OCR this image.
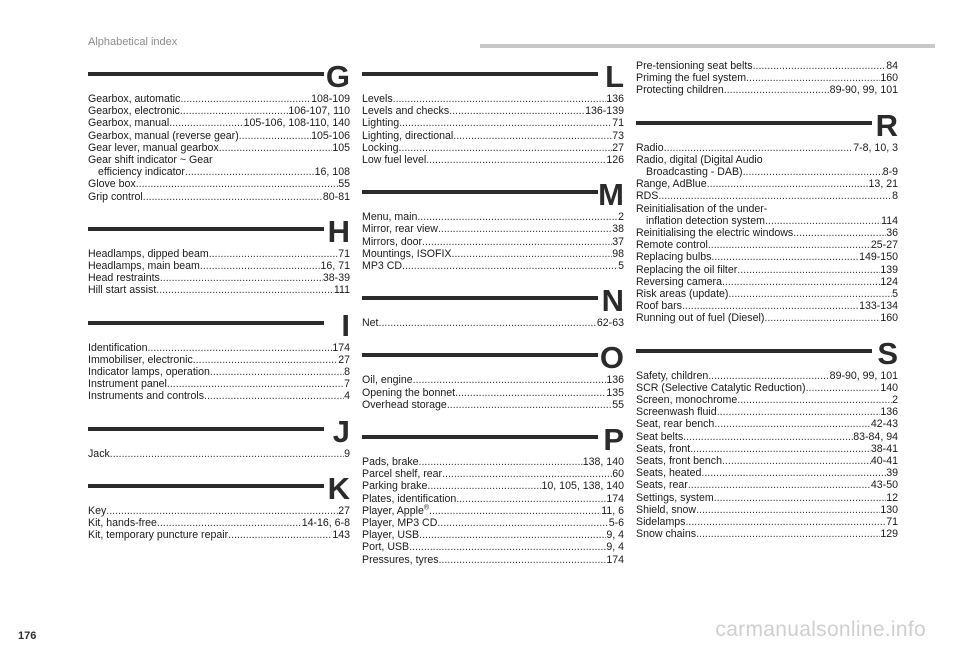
Alphabetical index
G
Gearbox, automatic .....	108-109
Gearbox, electronic .....	106-107, 110
Gearbox, manual .....	105-106, 108-110, 140
Gearbox, manual (reverse gear) .....	105-106
Gear lever, manual gearbox .....	105
Gear shift indicator ~ Gear
efficiency indicator .....	16, 108
Glove box .....	55
Grip control .....	80-81
H
Headlamps, dipped beam .....	71
Headlamps, main beam .....	16, 71
Head restraints .....	38-39
Hill start assist .....	111
I
Identification .....	174
Immobiliser, electronic .....	27
Indicator lamps, operation .....	8
Instrument panel .....	7
Instruments and controls .....	4
J
Jack .....	9
K
Key .....	27
Kit, hands-free .....	14-16, 6-8
Kit, temporary puncture repair .....	143
L
Levels .....	136
Levels and checks .....	136-139
Lighting .....	71
Lighting, directional .....	73
Locking .....	27
Low fuel level .....	126
M
Menu, main .....	2
Mirror, rear view .....	38
Mirrors, door .....	37
Mountings, ISOFIX .....	98
MP3 CD .....	5
N
Net .....	62-63
O
Oil, engine .....	136
Opening the bonnet .....	135
Overhead storage .....	55
P
Pads, brake .....	138, 140
Parcel shelf, rear .....	60
Parking brake .....	10, 105, 138, 140
Plates, identification .....	174
Player, Apple® .....	11, 6
Player, MP3 CD .....	5-6
Player, USB .....	9, 4
Port, USB .....	9, 4
Pressures, tyres .....	174
Pre-tensioning seat belts .....	84
Priming the fuel system .....	160
Protecting children .....	89-90, 99, 101
R
Radio .....	7-8, 10, 3
Radio, digital (Digital Audio
Broadcasting - DAB) .....	8-9
Range, AdBlue .....	13, 21
RDS .....	8
Reinitialisation of the under-
inflation detection system .....	114
Reinitialising the electric windows .....	36
Remote control .....	25-27
Replacing bulbs .....	149-150
Replacing the oil filter .....	139
Reversing camera .....	124
Risk areas (update) .....	5
Roof bars .....	133-134
Running out of fuel (Diesel) .....	160
S
Safety, children .....	89-90, 99, 101
SCR (Selective Catalytic Reduction) .....	140
Screen, monochrome .....	2
Screenwash fluid .....	136
Seat, rear bench .....	42-43
Seat belts .....	83-84, 94
Seats, front .....	38-41
Seats, front bench .....	40-41
Seats, heated .....	39
Seats, rear .....	43-50
Settings, system .....	12
Shield, snow .....	130
Sidelamps .....	71
Snow chains .....	129
176	carmanualsonline.info
